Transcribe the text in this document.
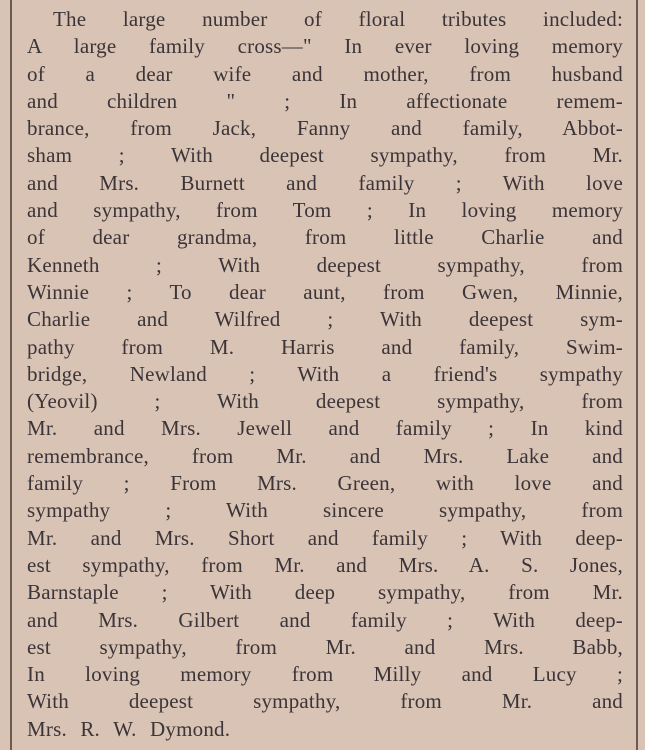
The large number of floral tributes included:
A large family cross—" In ever loving memory
of a dear wife and mother, from husband
and children " ; In affectionate remem-
brance, from Jack, Fanny and family, Abbot-
sham ; With deepest sympathy, from Mr.
and Mrs. Burnett and family ; With love
and sympathy, from Tom ; In loving memory
of dear grandma, from little Charlie and
Kenneth ; With deepest sympathy, from
Winnie ; To dear aunt, from Gwen, Minnie,
Charlie and Wilfred ; With deepest sym-
pathy from M. Harris and family, Swim-
bridge, Newland ; With a friend's sympathy
(Yeovil) ; With deepest sympathy, from
Mr. and Mrs. Jewell and family ; In kind
remembrance, from Mr. and Mrs. Lake and
family ; From Mrs. Green, with love and
sympathy ; With sincere sympathy, from
Mr. and Mrs. Short and family ; With deep-
est sympathy, from Mr. and Mrs. A. S. Jones,
Barnstaple ; With deep sympathy, from Mr.
and Mrs. Gilbert and family ; With deep-
est sympathy, from Mr. and Mrs. Babb,
In loving memory from Milly and Lucy ;
With deepest sympathy, from Mr. and
Mrs. R. W. Dymond.
